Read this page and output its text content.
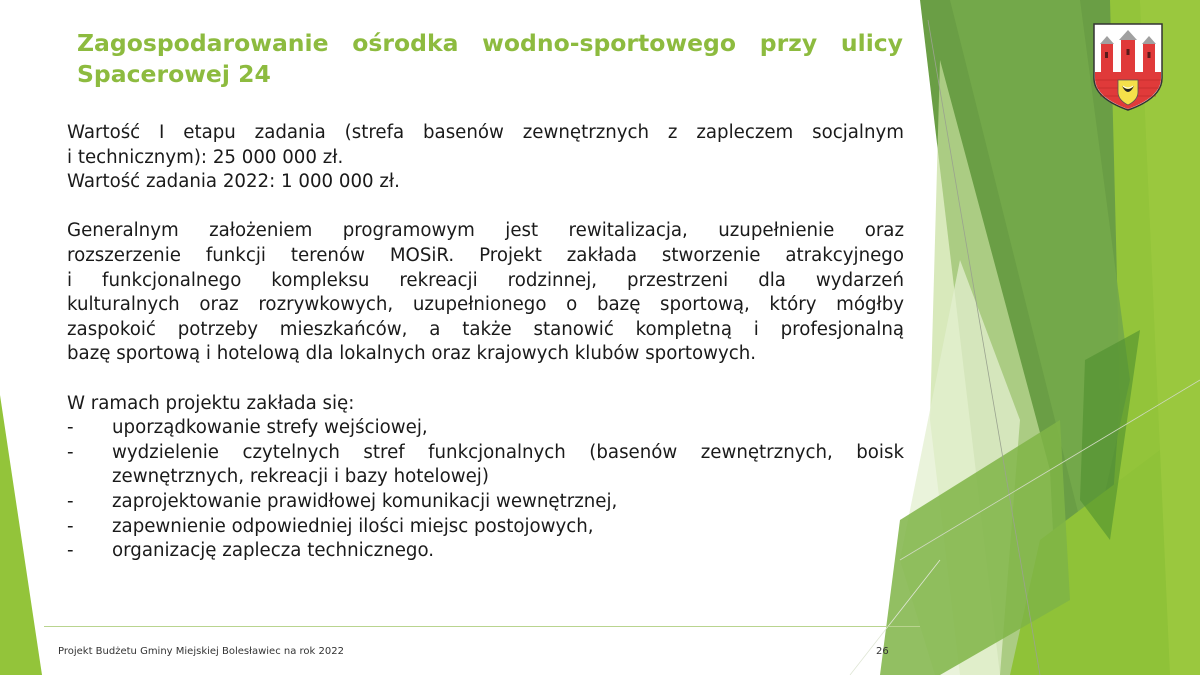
Zagospodarowanie ośrodka wodno-sportowego przy ulicy
Spacerowej 24

Wartość I etapu zadania (strefa basenów zewnętrznych z zapleczem socjalnym
i technicznym): 25 000 000 zł.

Wartość zadania 2022: 1 000 000 zł.

Generalnym założeniem programowym jest rewitalizacja, uzupełnienie oraz
rozszerzenie funkcji terenów MOSiR. Projekt zakłada stworzenie atrakcyjnego
i funkcjonalnego kompleksu rekreacji rodzinnej, przestrzeni dla wydarzeń
kulturalnych oraz rozrywkowych, uzupełnionego o bazę sportową, który mógłby
zaspokoić potrzeby mieszkańców, a także stanowić kompletną i profesjonalną
bazę sportową i hotelową dla lokalnych oraz krajowych klubów sportowych.

W ramach projektu zakłada się:

- uporządkowanie strefy wejściowej,
- wydzielenie czytelnych stref funkcjonalnych (basenów zewnętrznych, boisk
zewnętrznych, rekreacji i bazy hotelowej)
- zaprojektowanie prawidłowej komunikacji wewnętrznej,
- zapewnienie odpowiedniej ilości miejsc postojowych,
- organizację zaplecza technicznego.
Projekt Budżetu Gminy Miejskiej Bolesławiec na rok 2022	26
